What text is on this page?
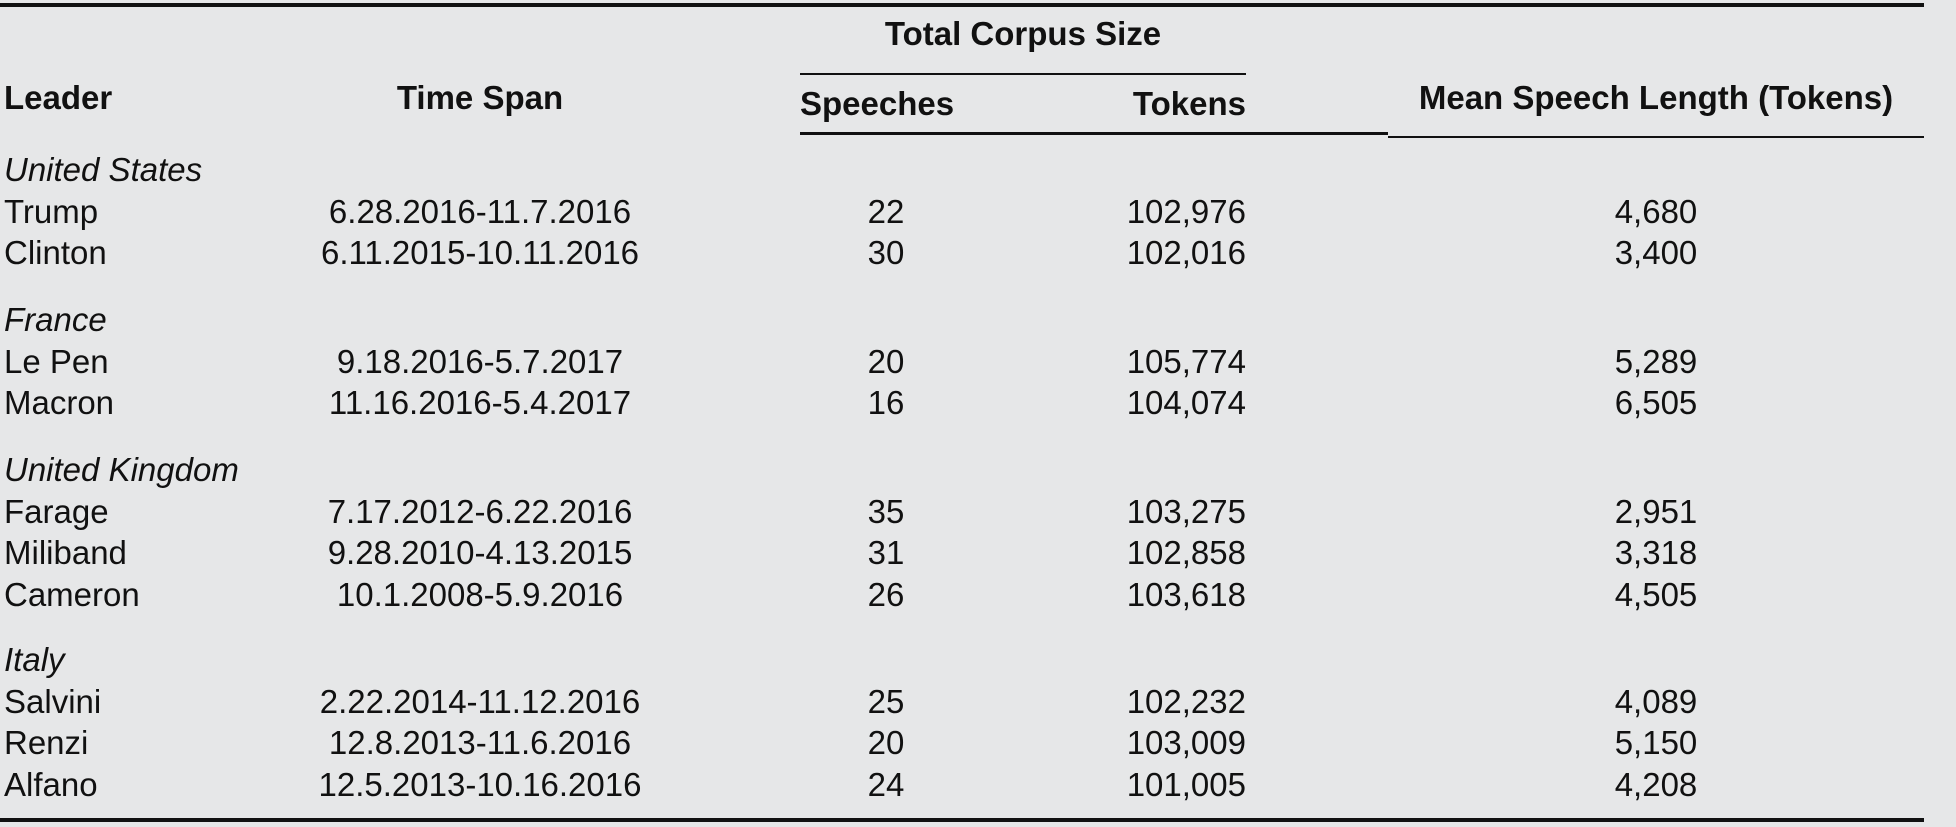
Total Corpus Size
Leader	Time Span	Speeches	Tokens	Mean Speech Length (Tokens)
United States
Trump	6.28.2016-11.7.2016	22	102,976	4,680
Clinton	6.11.2015-10.11.2016	30	102,016	3,400
France
Le Pen	9.18.2016-5.7.2017	20	105,774	5,289
Macron	11.16.2016-5.4.2017	16	104,074	6,505
United Kingdom
Farage	7.17.2012-6.22.2016	35	103,275	2,951
Miliband	9.28.2010-4.13.2015	31	102,858	3,318
Cameron	10.1.2008-5.9.2016	26	103,618	4,505
Italy
Salvini	2.22.2014-11.12.2016	25	102,232	4,089
Renzi	12.8.2013-11.6.2016	20	103,009	5,150
Alfano	12.5.2013-10.16.2016	24	101,005	4,208
